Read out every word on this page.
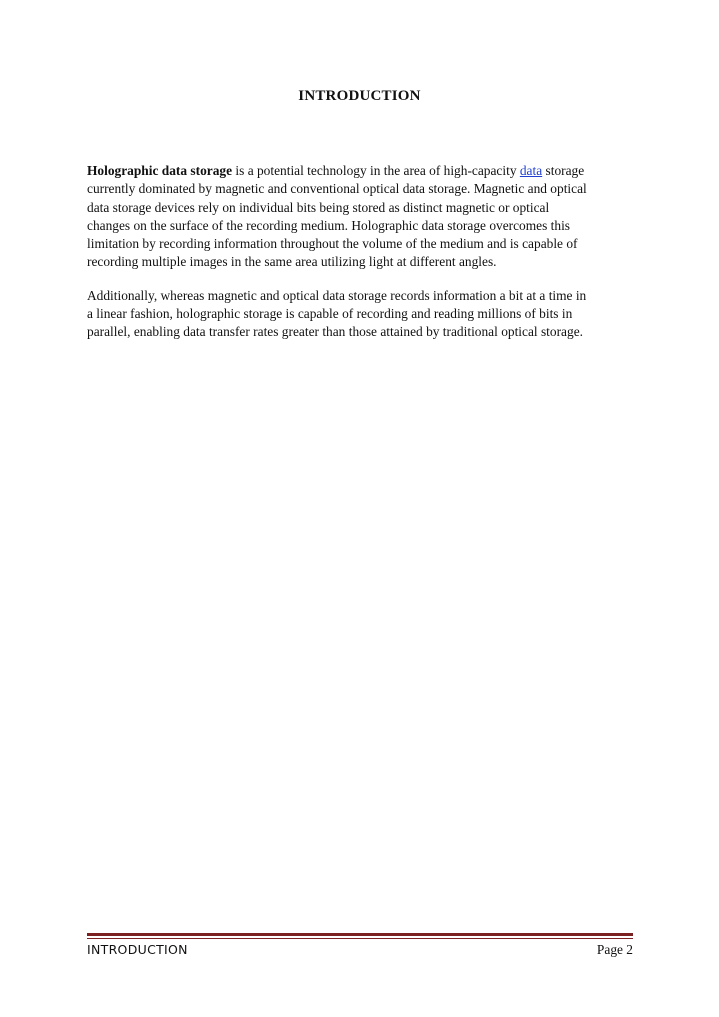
INTRODUCTION
Holographic data storage is a potential technology in the area of high-capacity data storage
currently dominated by magnetic and conventional optical data storage. Magnetic and optical
data storage devices rely on individual bits being stored as distinct magnetic or optical
changes on the surface of the recording medium. Holographic data storage overcomes this
limitation by recording information throughout the volume of the medium and is capable of
recording multiple images in the same area utilizing light at different angles.
Additionally, whereas magnetic and optical data storage records information a bit at a time in
a linear fashion, holographic storage is capable of recording and reading millions of bits in
parallel, enabling data transfer rates greater than those attained by traditional optical storage.
INTRODUCTION	Page 2
